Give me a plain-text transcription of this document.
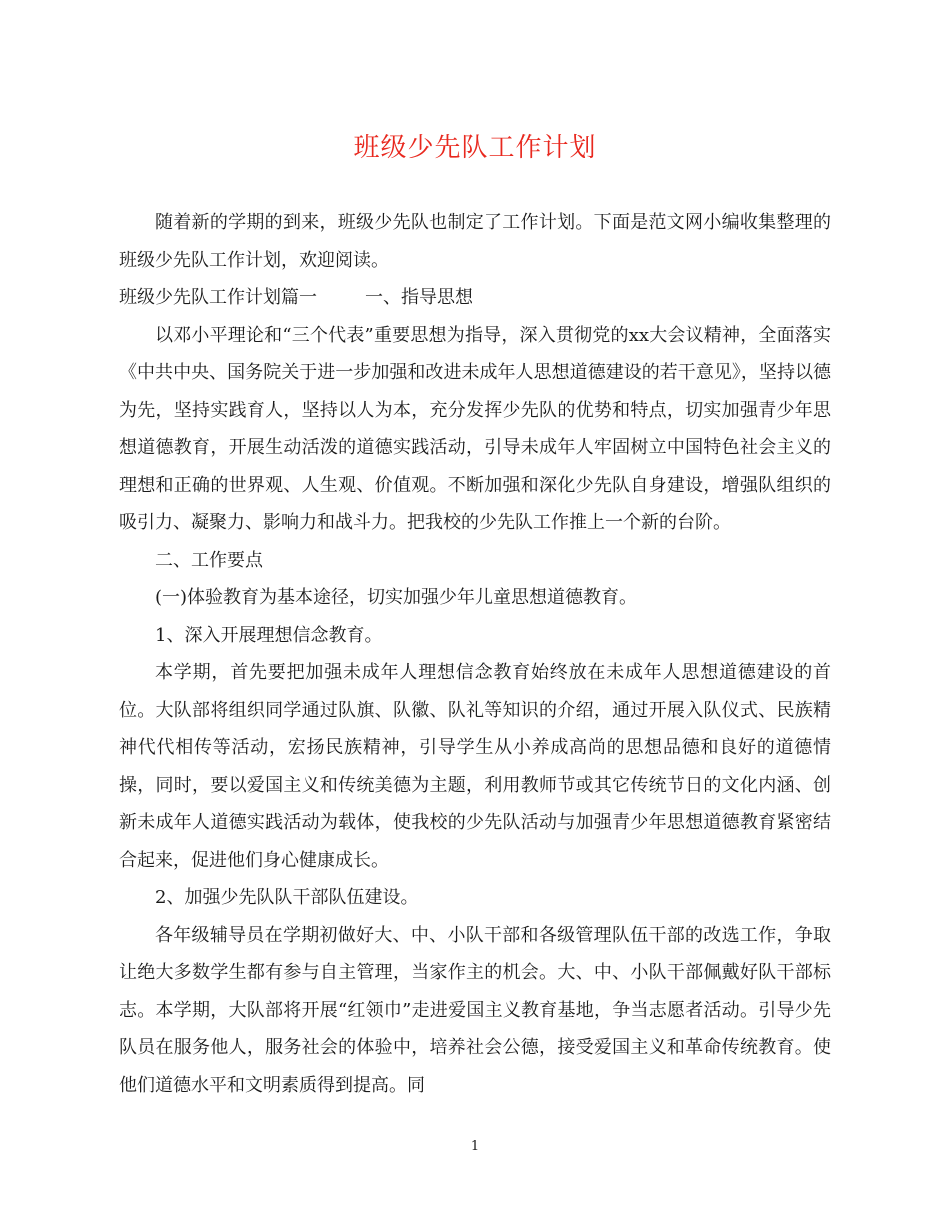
班级少先队工作计划

随着新的学期的到来，班级少先队也制定了工作计划。下面是范文网小编收集整理的班级少先队工作计划，欢迎阅读。

班级少先队工作计划篇一	一、指导思想

以邓小平理论和“三个代表”重要思想为指导，深入贯彻党的xx大会议精神，全面落实《中共中央、国务院关于进一步加强和改进未成年人思想道德建设的若干意见》，坚持以德为先，坚持实践育人，坚持以人为本，充分发挥少先队的优势和特点，切实加强青少年思想道德教育，开展生动活泼的道德实践活动，引导未成年人牢固树立中国特色社会主义的理想和正确的世界观、人生观、价值观。不断加强和深化少先队自身建设，增强队组织的吸引力、凝聚力、影响力和战斗力。把我校的少先队工作推上一个新的台阶。

二、工作要点

(一)体验教育为基本途径，切实加强少年儿童思想道德教育。

1、深入开展理想信念教育。

本学期，首先要把加强未成年人理想信念教育始终放在未成年人思想道德建设的首位。大队部将组织同学通过队旗、队徽、队礼等知识的介绍，通过开展入队仪式、民族精神代代相传等活动，宏扬民族精神，引导学生从小养成高尚的思想品德和良好的道德情操，同时，要以爱国主义和传统美德为主题，利用教师节或其它传统节日的文化内涵、创新未成年人道德实践活动为载体，使我校的少先队活动与加强青少年思想道德教育紧密结合起来，促进他们身心健康成长。

2、加强少先队队干部队伍建设。

各年级辅导员在学期初做好大、中、小队干部和各级管理队伍干部的改选工作，争取让绝大多数学生都有参与自主管理，当家作主的机会。大、中、小队干部佩戴好队干部标志。本学期，大队部将开展“红领巾”走进爱国主义教育基地，争当志愿者活动。引导少先队员在服务他人，服务社会的体验中，培养社会公德，接受爱国主义和革命传统教育。使他们道德水平和文明素质得到提高。同

1
